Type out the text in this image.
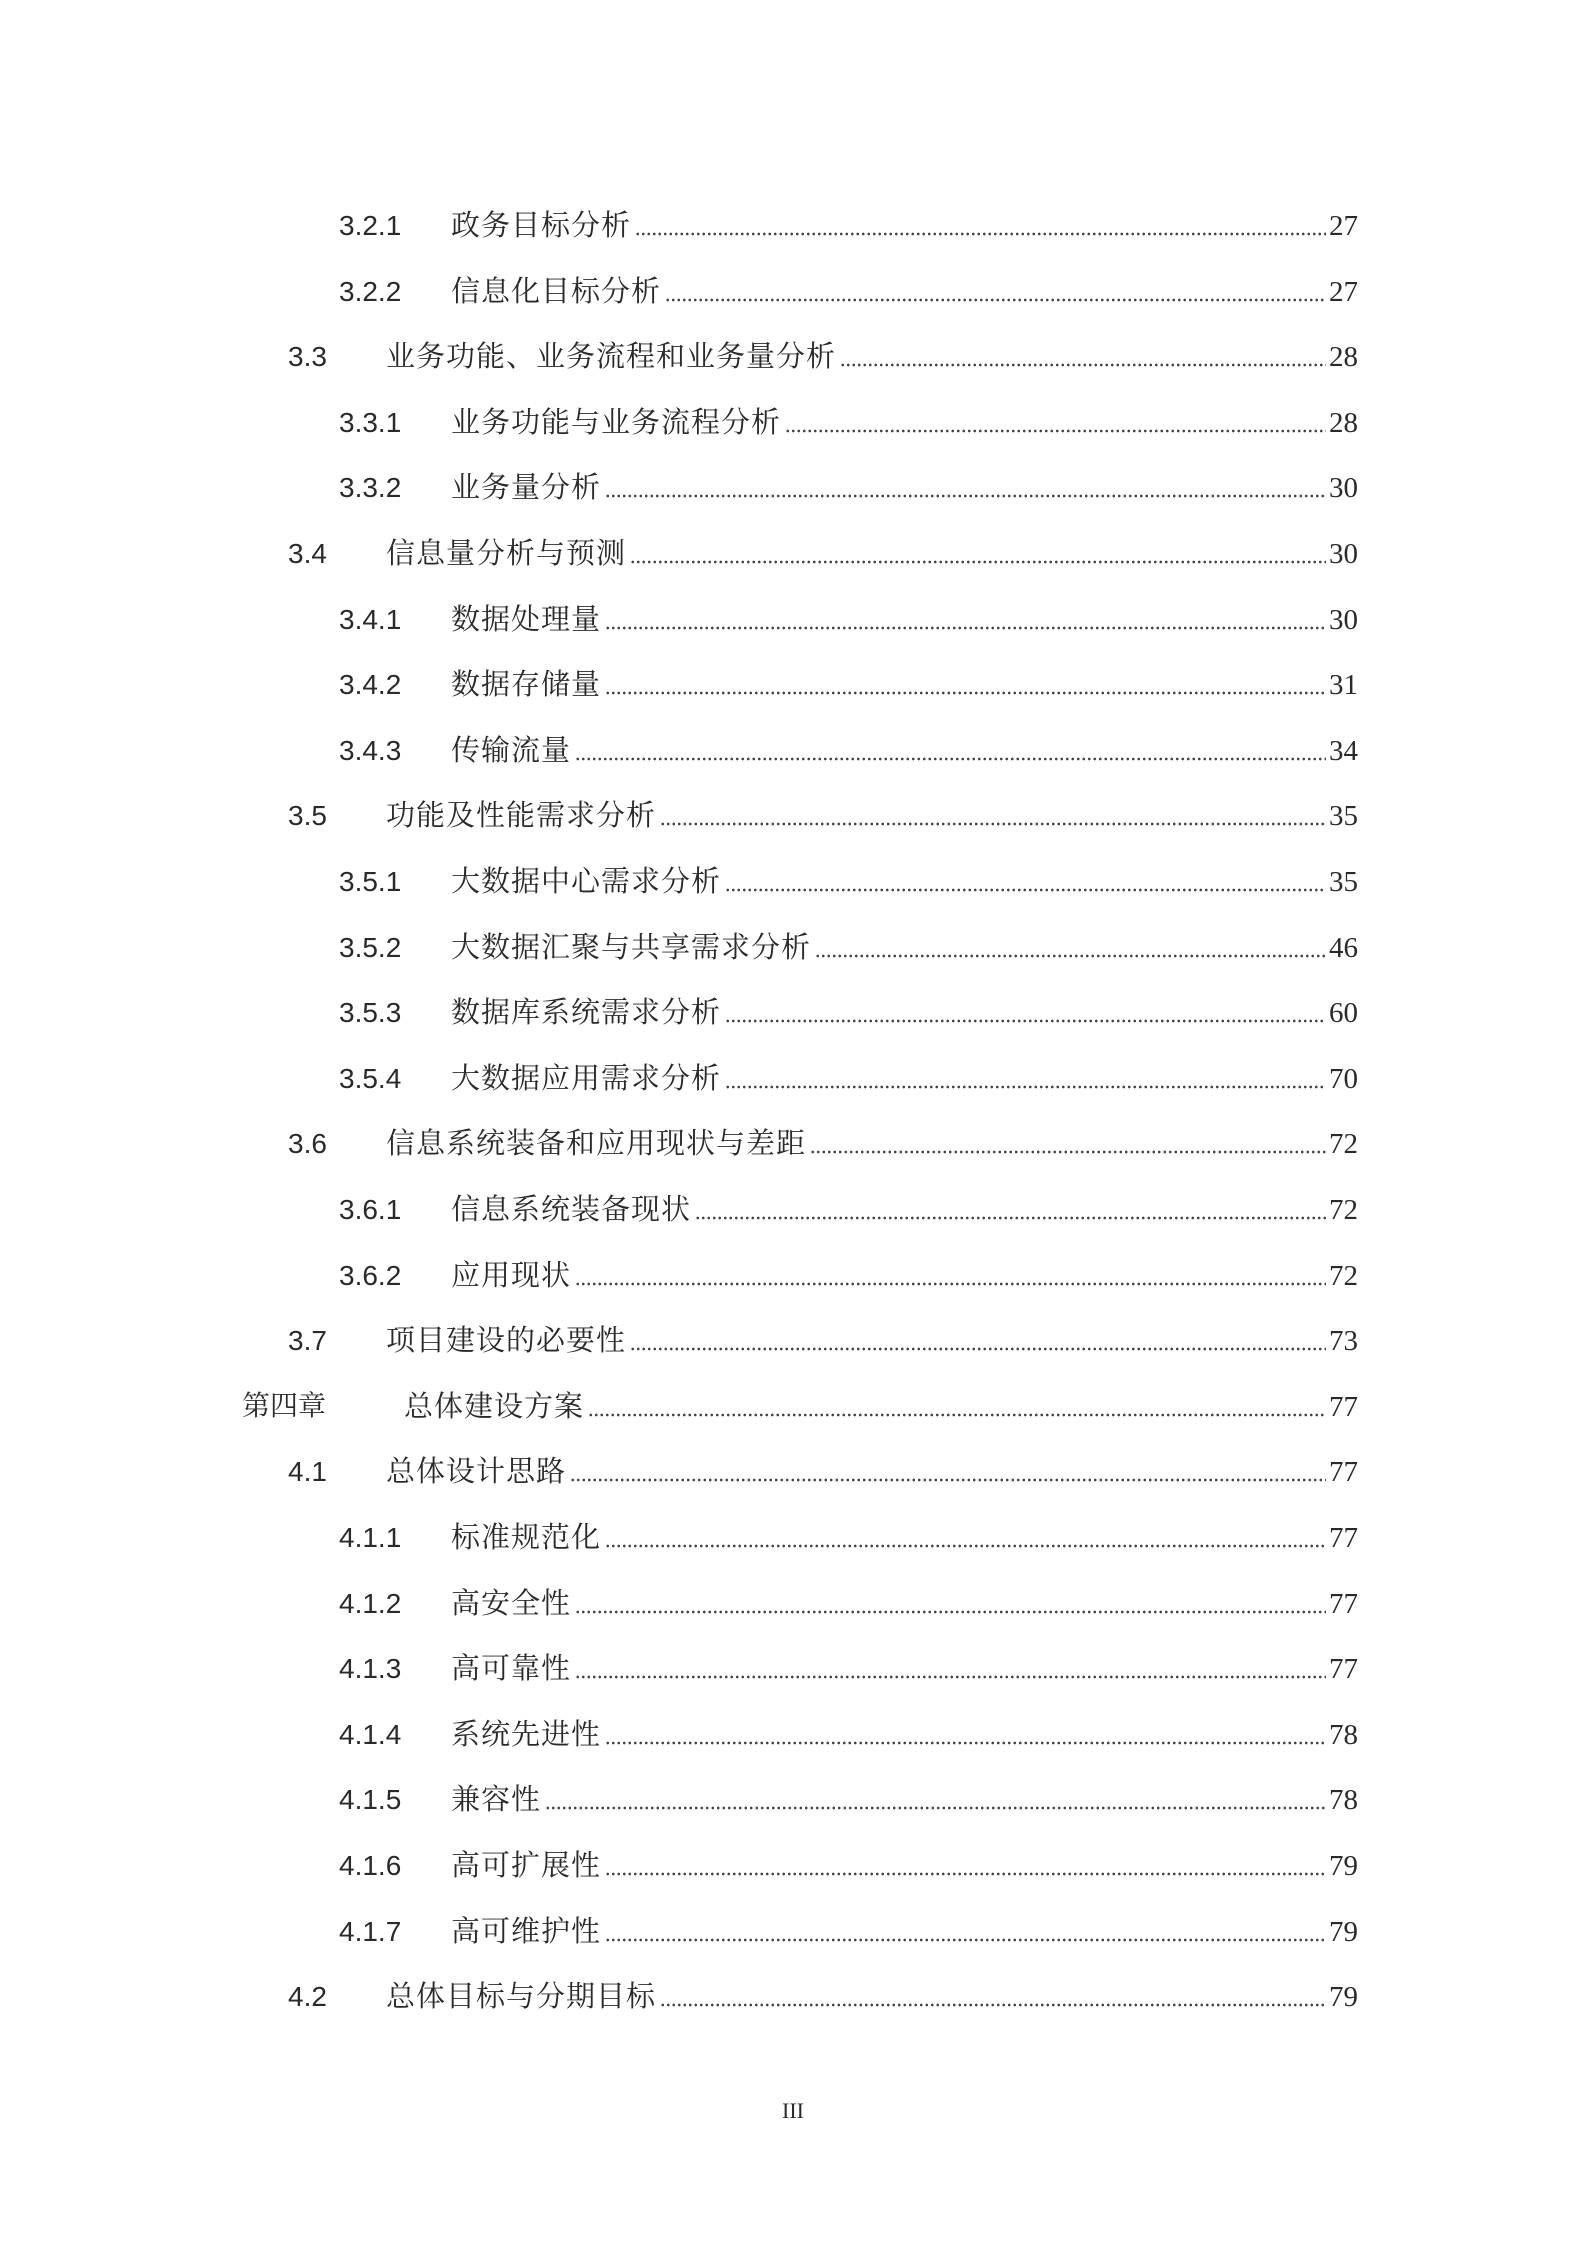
3.2.1 政务目标分析	27
3.2.2 信息化目标分析	27
3.3 业务功能、业务流程和业务量分析	28
3.3.1 业务功能与业务流程分析	28
3.3.2 业务量分析	30
3.4 信息量分析与预测	30
3.4.1 数据处理量	30
3.4.2 数据存储量	31
3.4.3 传输流量	34
3.5 功能及性能需求分析	35
3.5.1 大数据中心需求分析	35
3.5.2 大数据汇聚与共享需求分析	46
3.5.3 数据库系统需求分析	60
3.5.4 大数据应用需求分析	70
3.6 信息系统装备和应用现状与差距	72
3.6.1 信息系统装备现状	72
3.6.2 应用现状	72
3.7 项目建设的必要性	73
第四章	总体建设方案	77
4.1 总体设计思路	77
4.1.1 标准规范化	77
4.1.2 高安全性	77
4.1.3 高可靠性	77
4.1.4 系统先进性	78
4.1.5 兼容性	78
4.1.6 高可扩展性	79
4.1.7 高可维护性	79
4.2 总体目标与分期目标	79
III
